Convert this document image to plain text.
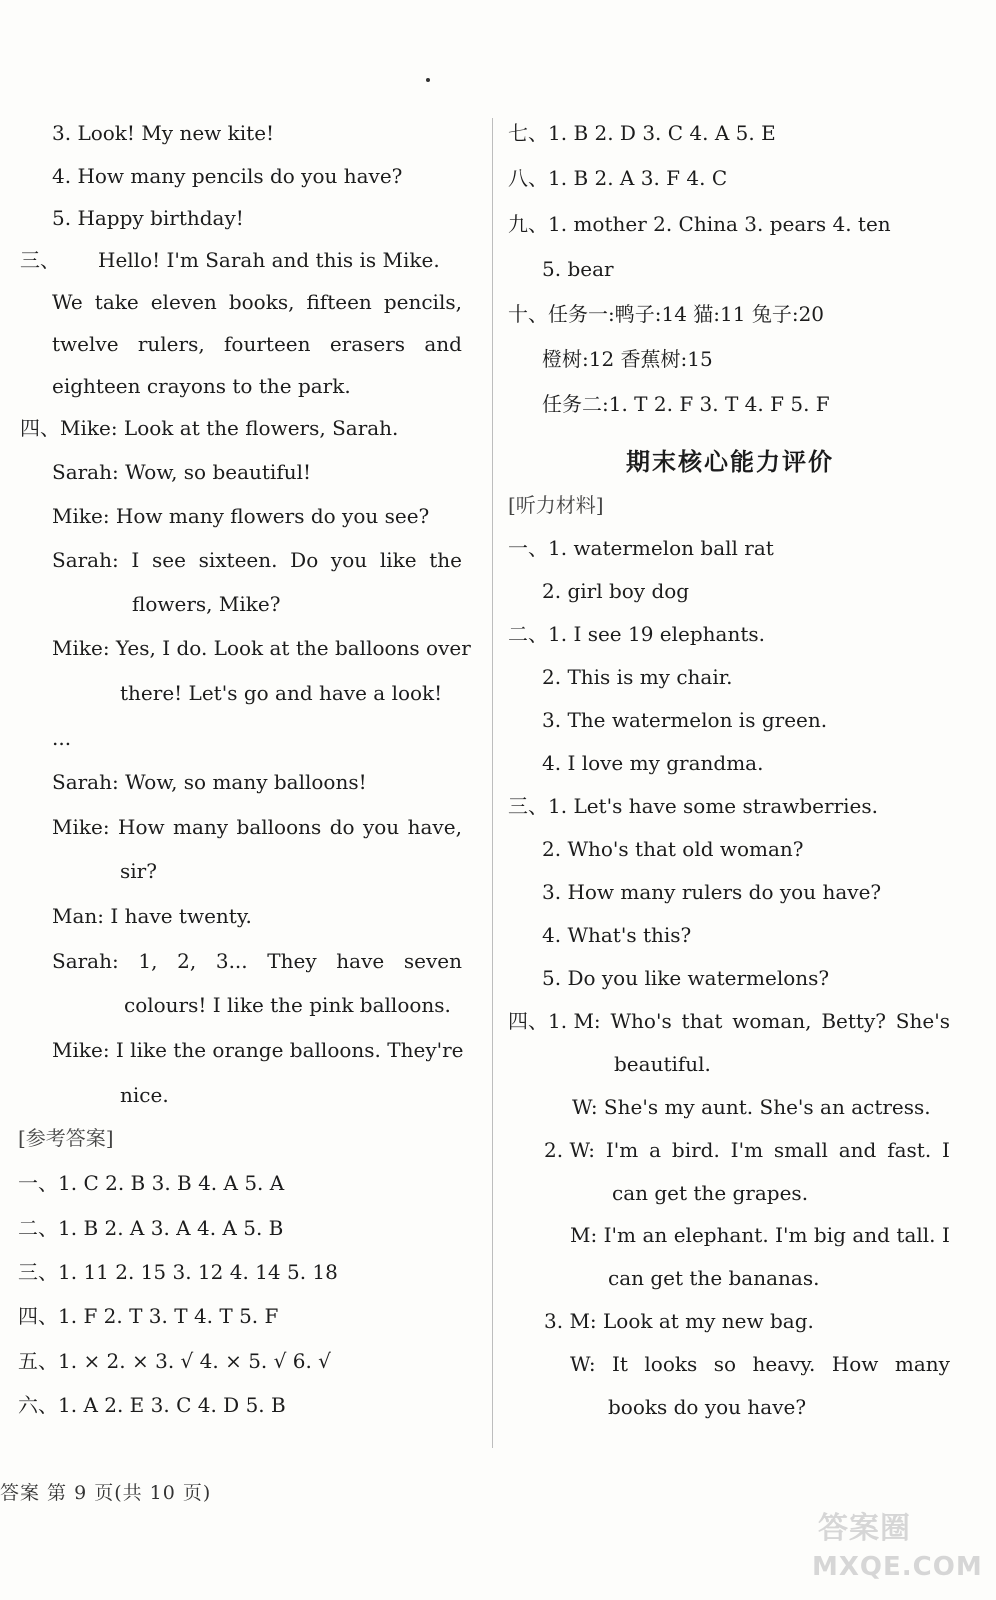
3. Look! My new kite!
4. How many pencils do you have?
5. Happy birthday!
三、 Hello! I'm Sarah and this is Mike.
We take eleven books, fifteen pencils,
twelve rulers, fourteen erasers and
eighteen crayons to the park.
四、Mike: Look at the flowers, Sarah.
Sarah: Wow, so beautiful!
Mike: How many flowers do you see?
Sarah: I see sixteen. Do you like the
flowers, Mike?
Mike: Yes, I do. Look at the balloons over
there! Let's go and have a look!
...
Sarah: Wow, so many balloons!
Mike: How many balloons do you have,
sir?
Man: I have twenty.
Sarah: 1, 2, 3... They have seven
colours! I like the pink balloons.
Mike: I like the orange balloons. They're
nice.
[参考答案]
一、1. C 2. B 3. B 4. A 5. A
二、1. B 2. A 3. A 4. A 5. B
三、1. 11 2. 15 3. 12 4. 14 5. 18
四、1. F 2. T 3. T 4. T 5. F
五、1. × 2. × 3. √ 4. × 5. √ 6. √
六、1. A 2. E 3. C 4. D 5. B
七、1. B 2. D 3. C 4. A 5. E
八、1. B 2. A 3. F 4. C
九、1. mother 2. China 3. pears 4. ten
5. bear
十、任务一:鸭子:14 猫:11 兔子:20
橙树:12 香蕉树:15
任务二:1. T 2. F 3. T 4. F 5. F
期末核心能力评价
[听力材料]
一、1. watermelon ball rat
2. girl boy dog
二、1. I see 19 elephants.
2. This is my chair.
3. The watermelon is green.
4. I love my grandma.
三、1. Let's have some strawberries.
2. Who's that old woman?
3. How many rulers do you have?
4. What's this?
5. Do you like watermelons?
四、1. M: Who's that woman, Betty? She's
beautiful.
W: She's my aunt. She's an actress.
2. W: I'm a bird. I'm small and fast. I
can get the grapes.
M: I'm an elephant. I'm big and tall. I
can get the bananas.
3. M: Look at my new bag.
W: It looks so heavy. How many
books do you have?
答案 第 9 页(共 10 页)
答案圈
MXQE.COM
